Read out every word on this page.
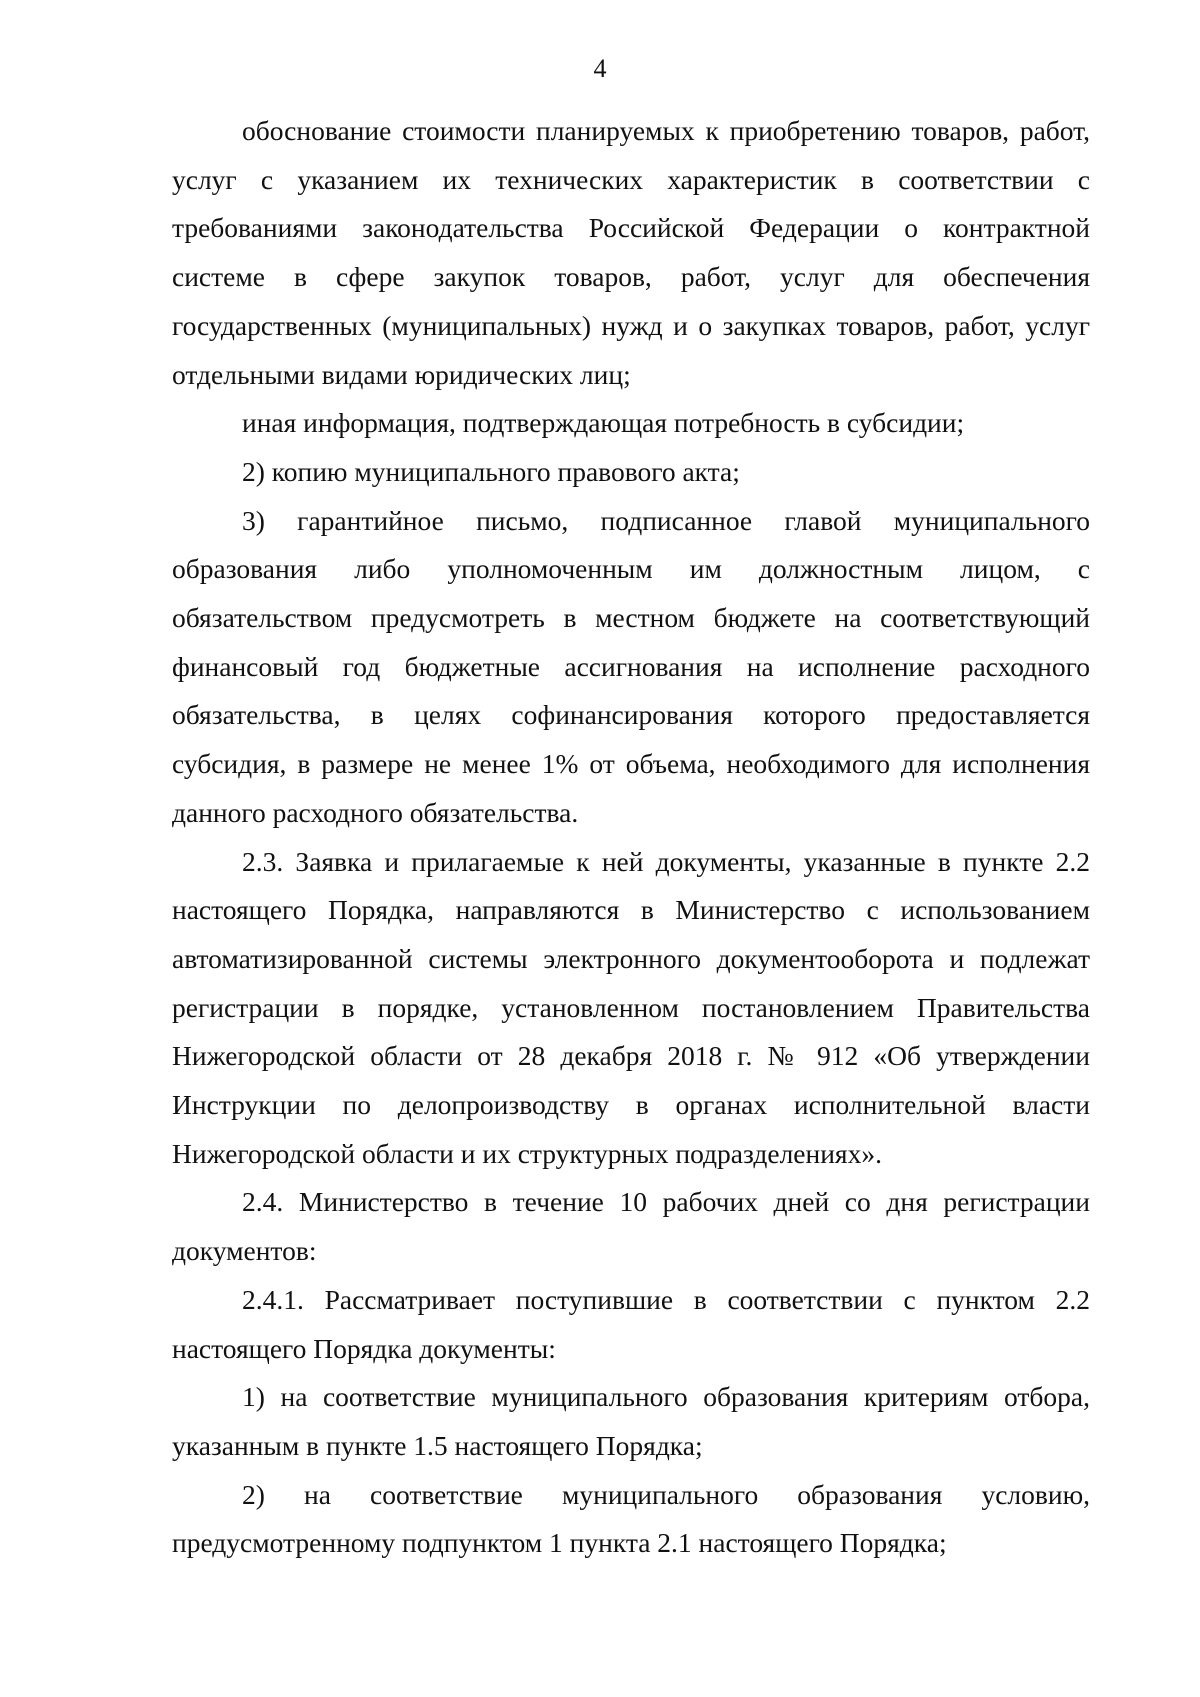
4

обоснование стоимости планируемых к приобретению товаров, работ, услуг с указанием их технических характеристик в соответствии с требованиями законодательства Российской Федерации о контрактной системе в сфере закупок товаров, работ, услуг для обеспечения государственных (муниципальных) нужд и о закупках товаров, работ, услуг отдельными видами юридических лиц;

иная информация, подтверждающая потребность в субсидии;

2) копию муниципального правового акта;

3) гарантийное письмо, подписанное главой муниципального образования либо уполномоченным им должностным лицом, с обязательством предусмотреть в местном бюджете на соответствующий финансовый год бюджетные ассигнования на исполнение расходного обязательства, в целях софинансирования которого предоставляется субсидия, в размере не менее 1% от объема, необходимого для исполнения данного расходного обязательства.

2.3. Заявка и прилагаемые к ней документы, указанные в пункте 2.2 настоящего Порядка, направляются в Министерство с использованием автоматизированной системы электронного документооборота и подлежат регистрации в порядке, установленном постановлением Правительства Нижегородской области от 28 декабря 2018 г. № 912 «Об утверждении Инструкции по делопроизводству в органах исполнительной власти Нижегородской области и их структурных подразделениях».

2.4. Министерство в течение 10 рабочих дней со дня регистрации документов:

2.4.1. Рассматривает поступившие в соответствии с пунктом 2.2 настоящего Порядка документы:

1) на соответствие муниципального образования критериям отбора, указанным в пункте 1.5 настоящего Порядка;

2) на соответствие муниципального образования условию, предусмотренному подпунктом 1 пункта 2.1 настоящего Порядка;
